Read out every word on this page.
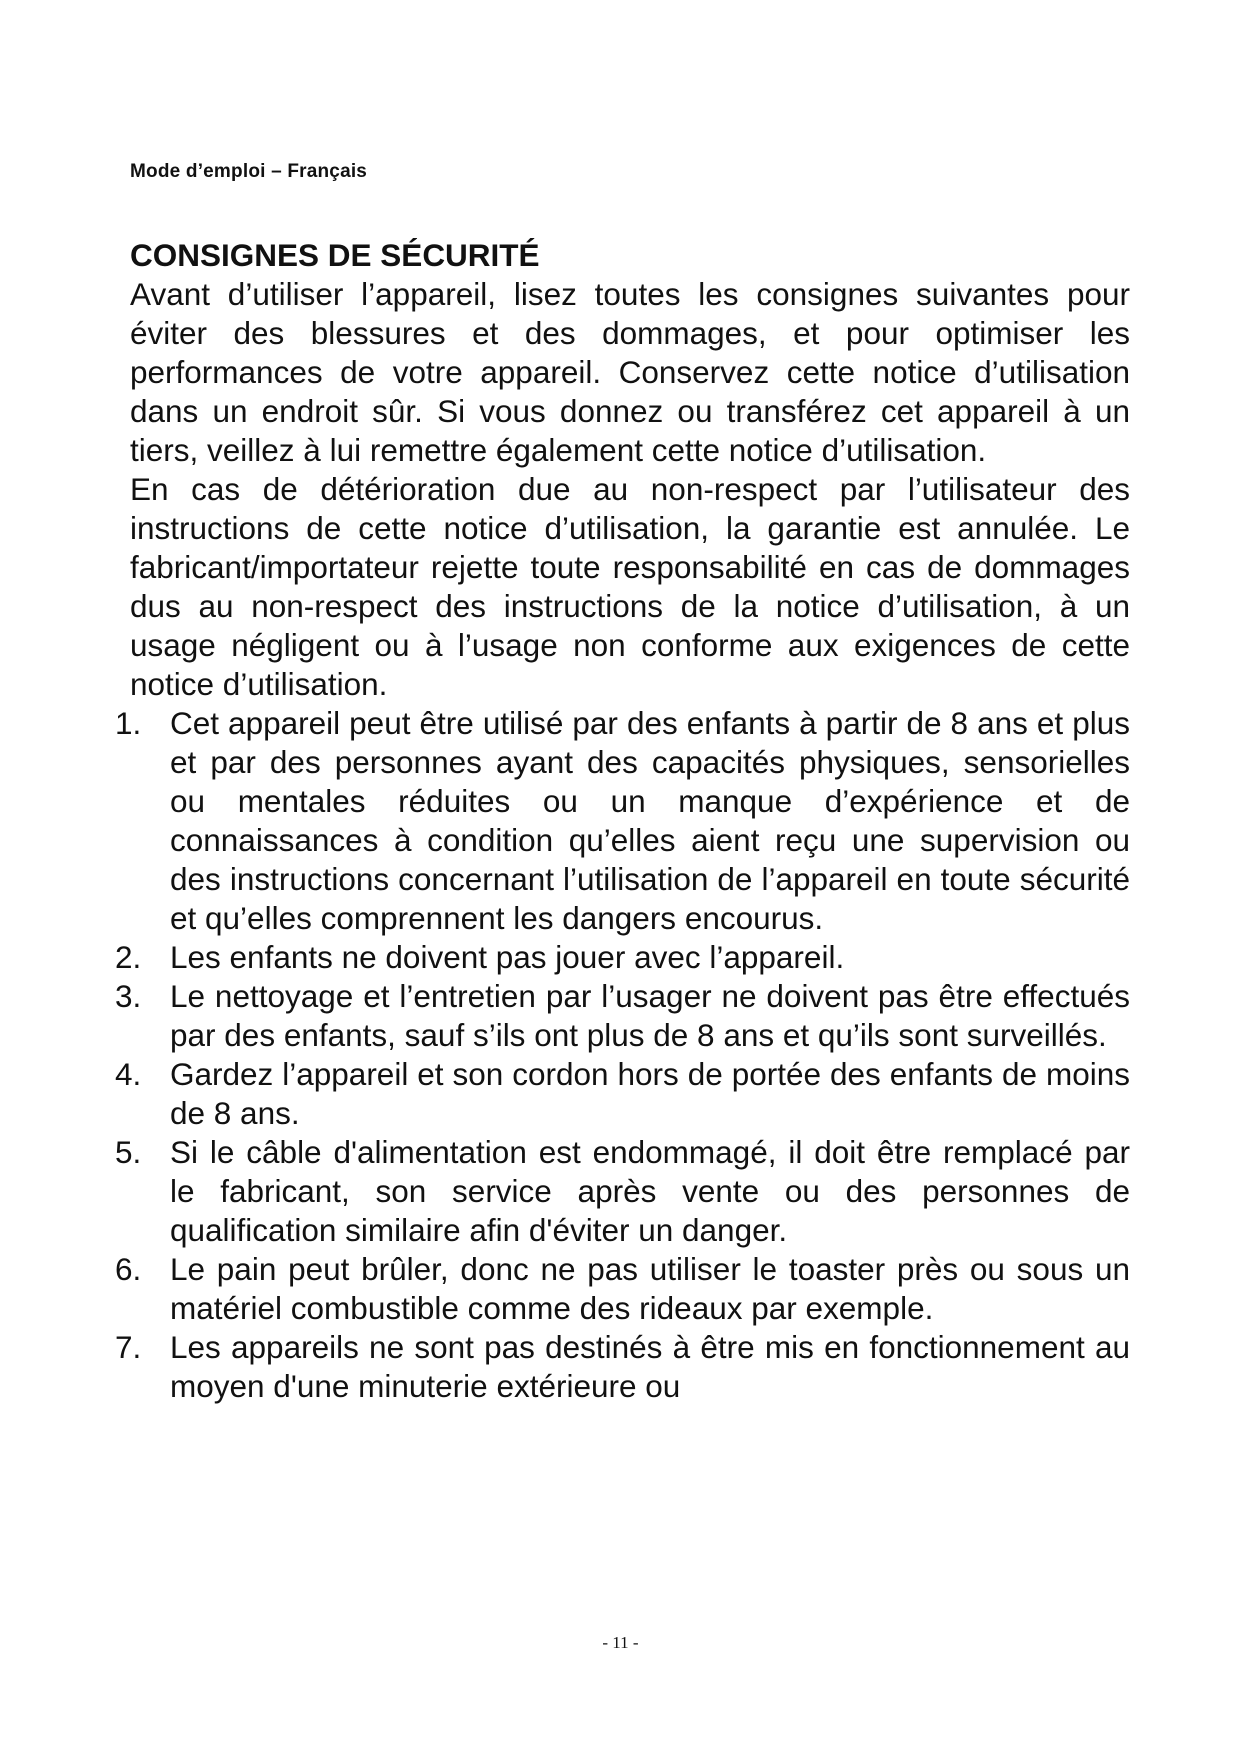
Mode d’emploi – Français
CONSIGNES DE SÉCURITÉ

Avant d’utiliser l’appareil, lisez toutes les consignes suivantes pour éviter des blessures et des dommages, et pour optimiser les performances de votre appareil. Conservez cette notice d’utilisation dans un endroit sûr. Si vous donnez ou transférez cet appareil à un tiers, veillez à lui remettre également cette notice d’utilisation.

En cas de détérioration due au non-respect par l’utilisateur des instructions de cette notice d’utilisation, la garantie est annulée. Le fabricant/importateur rejette toute responsabilité en cas de dommages dus au non-respect des instructions de la notice d’utilisation, à un usage négligent ou à l’usage non conforme aux exigences de cette notice d’utilisation.

1. Cet appareil peut être utilisé par des enfants à partir de 8 ans et plus et par des personnes ayant des capacités physiques, sensorielles ou mentales réduites ou un manque d’expérience et de connaissances à condition qu’elles aient reçu une supervision ou des instructions concernant l’utilisation de l’appareil en toute sécurité et qu’elles comprennent les dangers encourus.
2. Les enfants ne doivent pas jouer avec l’appareil.
3. Le nettoyage et l’entretien par l’usager ne doivent pas être effectués par des enfants, sauf s’ils ont plus de 8 ans et qu’ils sont surveillés.
4. Gardez l’appareil et son cordon hors de portée des enfants de moins de 8 ans.
5. Si le câble d'alimentation est endommagé, il doit être remplacé par le fabricant, son service après vente ou des personnes de qualification similaire afin d'éviter un danger.
6. Le pain peut brûler, donc ne pas utiliser le toaster près ou sous un matériel combustible comme des rideaux par exemple.
7. Les appareils ne sont pas destinés à être mis en fonctionnement au moyen d'une minuterie extérieure ou
- 11 -
